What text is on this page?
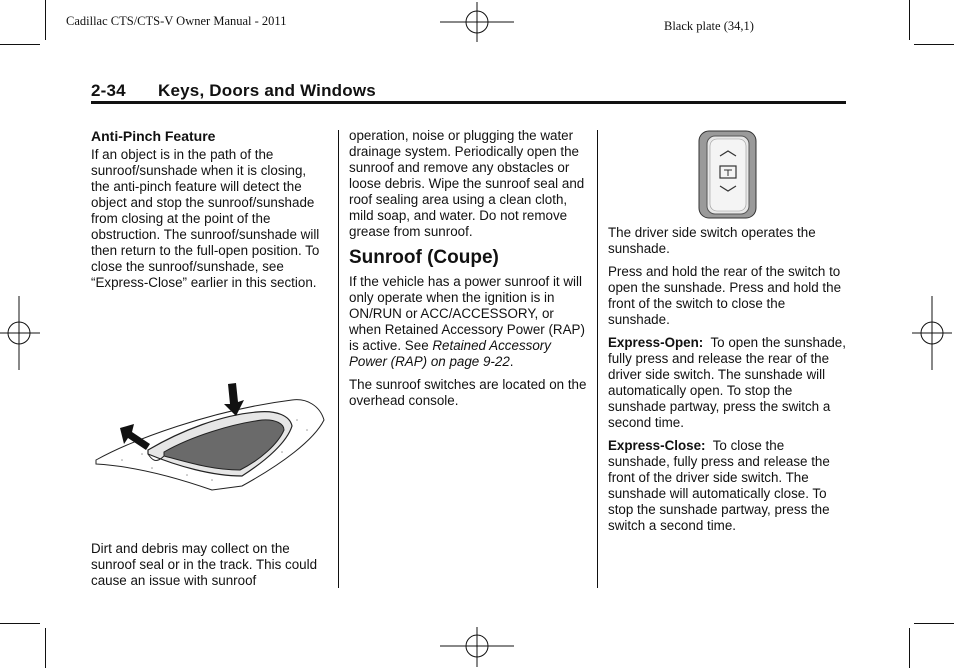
Cadillac CTS/CTS-V Owner Manual - 2011	Black plate (34,1)
2-34 Keys, Doors and Windows
Anti-Pinch Feature

If an object is in the path of the sunroof/sunshade when it is closing, the anti-pinch feature will detect the object and stop the sunroof/sunshade from closing at the point of the obstruction. The sunroof/sunshade will then return to the full-open position. To close the sunroof/sunshade, see “Express-Close” earlier in this section.

Dirt and debris may collect on the sunroof seal or in the track. This could cause an issue with sunroof

operation, noise or plugging the water drainage system. Periodically open the sunroof and remove any obstacles or loose debris. Wipe the sunroof seal and roof sealing area using a clean cloth, mild soap, and water. Do not remove grease from sunroof.

Sunroof (Coupe)

If the vehicle has a power sunroof it will only operate when the ignition is in ON/RUN or ACC/ACCESSORY, or when Retained Accessory Power (RAP) is active. See Retained Accessory Power (RAP) on page 9-22.

The sunroof switches are located on the overhead console.

The driver side switch operates the sunshade.

Press and hold the rear of the switch to open the sunshade. Press and hold the front of the switch to close the sunshade.

Express-Open: To open the sunshade, fully press and release the rear of the driver side switch. The sunshade will automatically open. To stop the sunshade partway, press the switch a second time.

Express-Close: To close the sunshade, fully press and release the front of the driver side switch. The sunshade will automatically close. To stop the sunshade partway, press the switch a second time.
